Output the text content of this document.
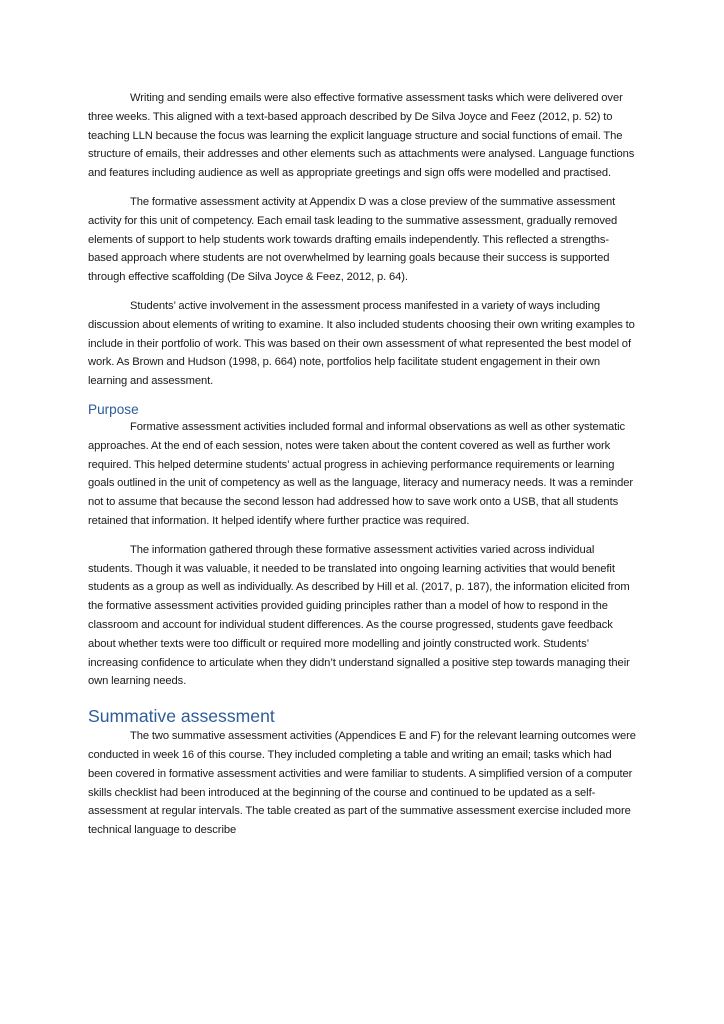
Writing and sending emails were also effective formative assessment tasks which were delivered over three weeks. This aligned with a text-based approach described by De Silva Joyce and Feez (2012, p. 52) to teaching LLN because the focus was learning the explicit language structure and social functions of email. The structure of emails, their addresses and other elements such as attachments were analysed. Language functions and features including audience as well as appropriate greetings and sign offs were modelled and practised.

The formative assessment activity at Appendix D was a close preview of the summative assessment activity for this unit of competency. Each email task leading to the summative assessment, gradually removed elements of support to help students work towards drafting emails independently. This reflected a strengths-based approach where students are not overwhelmed by learning goals because their success is supported through effective scaffolding (De Silva Joyce & Feez, 2012, p. 64).

Students’ active involvement in the assessment process manifested in a variety of ways including discussion about elements of writing to examine. It also included students choosing their own writing examples to include in their portfolio of work. This was based on their own assessment of what represented the best model of work. As Brown and Hudson (1998, p. 664) note, portfolios help facilitate student engagement in their own learning and assessment.

Purpose

Formative assessment activities included formal and informal observations as well as other systematic approaches. At the end of each session, notes were taken about the content covered as well as further work required. This helped determine students’ actual progress in achieving performance requirements or learning goals outlined in the unit of competency as well as the language, literacy and numeracy needs. It was a reminder not to assume that because the second lesson had addressed how to save work onto a USB, that all students retained that information. It helped identify where further practice was required.

The information gathered through these formative assessment activities varied across individual students. Though it was valuable, it needed to be translated into ongoing learning activities that would benefit students as a group as well as individually. As described by Hill et al. (2017, p. 187), the information elicited from the formative assessment activities provided guiding principles rather than a model of how to respond in the classroom and account for individual student differences. As the course progressed, students gave feedback about whether texts were too difficult or required more modelling and jointly constructed work. Students’ increasing confidence to articulate when they didn’t understand signalled a positive step towards managing their own learning needs.

Summative assessment

The two summative assessment activities (Appendices E and F) for the relevant learning outcomes were conducted in week 16 of this course. They included completing a table and writing an email; tasks which had been covered in formative assessment activities and were familiar to students. A simplified version of a computer skills checklist had been introduced at the beginning of the course and continued to be updated as a self-assessment at regular intervals. The table created as part of the summative assessment exercise included more technical language to describe
